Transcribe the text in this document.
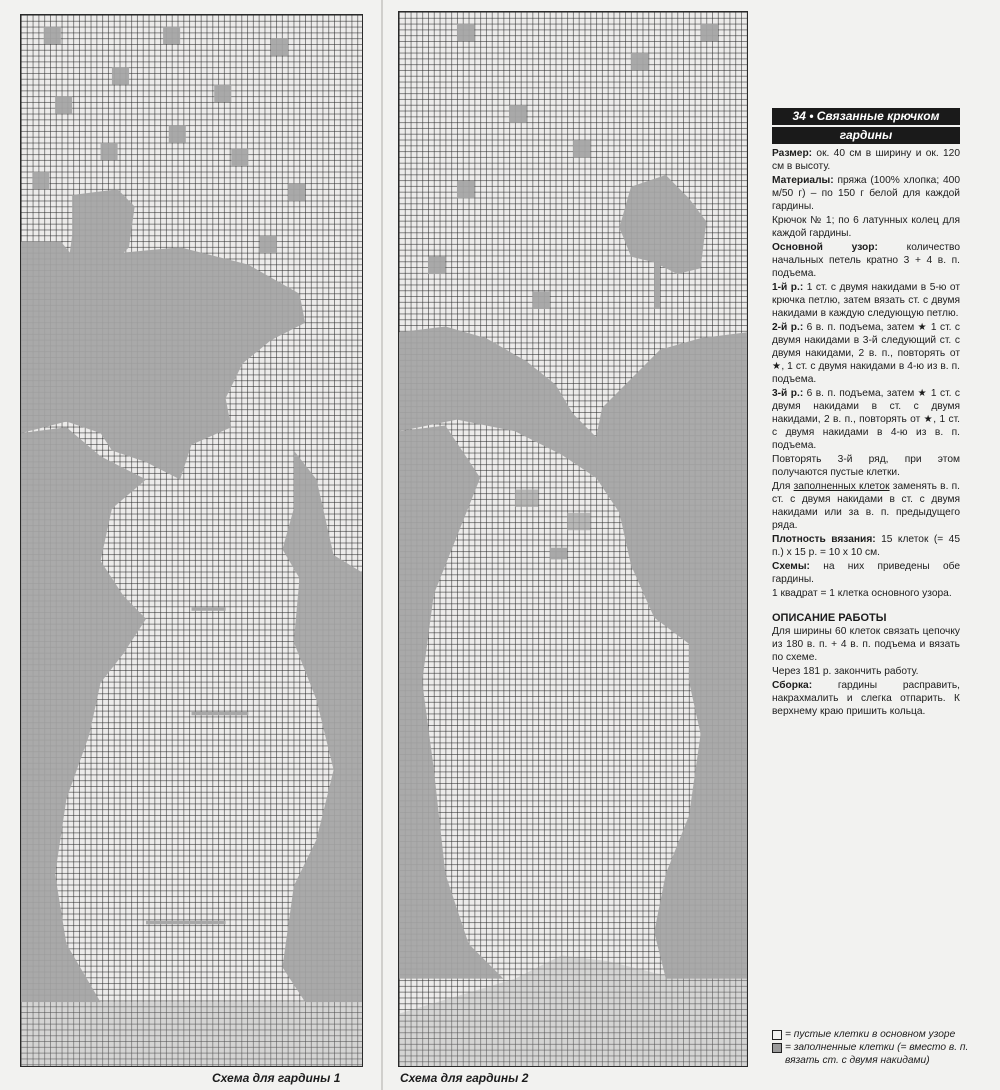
Схема для гардины 1	Схема для гардины 2
34 • Связанные крючком
гардины

Размер: ок. 40 см в ширину и ок. 120 см в высоту.

Материалы: пряжа (100% хлопка; 400 м/50 г) – по 150 г белой для каждой гардины.

Крючок № 1; по 6 латунных колец для каждой гардины.

Основной узор: количество начальных петель кратно 3 + 4 в. п. подъема.

1-й р.: 1 ст. с двумя накидами в 5-ю от крючка петлю, затем вязать ст. с двумя накидами в каждую следующую петлю.

2-й р.: 6 в. п. подъема, затем ★ 1 ст. с двумя накидами в 3-й следующий ст. с двумя накидами, 2 в. п., повторять от ★, 1 ст. с двумя накидами в 4-ю из в. п. подъема.

3-й р.: 6 в. п. подъема, затем ★ 1 ст. с двумя накидами в ст. с двумя накидами, 2 в. п., повторять от ★, 1 ст. с двумя накидами в 4-ю из в. п. подъема.

Повторять 3-й ряд, при этом получаются пустые клетки.

Для заполненных клеток заменять в. п. ст. с двумя накидами в ст. с двумя накидами или за в. п. предыдущего ряда.

Плотность вязания: 15 клеток (= 45 п.) x 15 р. = 10 x 10 см.

Схемы: на них приведены обе гардины.

1 квадрат = 1 клетка основного узора.

ОПИСАНИЕ РАБОТЫ

Для ширины 60 клеток связать цепочку из 180 в. п. + 4 в. п. подъема и вязать по схеме.

Через 181 р. закончить работу.

Сборка: гардины расправить, накрахмалить и слегка отпарить. К верхнему краю пришить кольца.

= пустые клетки в основном узоре
= заполненные клетки (= вместо в. п. вязать ст. с двумя накидами)
